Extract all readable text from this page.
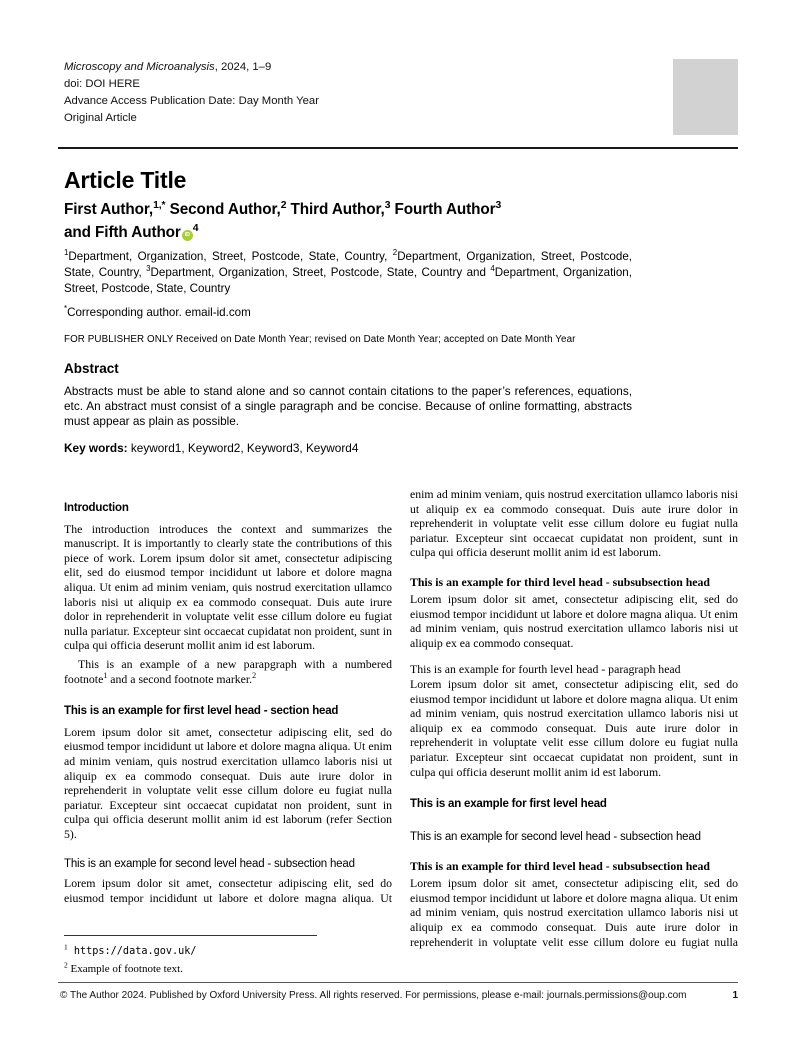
Microscopy and Microanalysis, 2024, 1–9
doi: DOI HERE
Advance Access Publication Date: Day Month Year
Original Article
Article Title
First Author,$^{1,*}$ Second Author,$^2$ Third Author,$^3$ Fourth Author$^3$
and Fifth Author $iD^4$
$^1$Department, Organization, Street, Postcode, State, Country, $^2$Department, Organization, Street, Postcode, State, Country, $^3$Department, Organization, Street, Postcode, State, Country and $^4$Department, Organization, Street, Postcode, State, Country
*Corresponding author. email-id.com
FOR PUBLISHER ONLY Received on Date Month Year; revised on Date Month Year; accepted on Date Month Year
Abstract
Abstracts must be able to stand alone and so cannot contain citations to the paper’s references, equations, etc. An abstract must consist of a single paragraph and be concise. Because of online formatting, abstracts must appear as plain as possible.
Key words: keyword1, Keyword2, Keyword3, Keyword4
Introduction
The introduction introduces the context and summarizes the manuscript. It is importantly to clearly state the contributions of this piece of work. Lorem ipsum dolor sit amet, consectetur adipiscing elit, sed do eiusmod tempor incididunt ut labore et dolore magna aliqua. Ut enim ad minim veniam, quis nostrud exercitation ullamco laboris nisi ut aliquip ex ea commodo consequat. Duis aute irure dolor in reprehenderit in voluptate velit esse cillum dolore eu fugiat nulla pariatur. Excepteur sint occaecat cupidatat non proident, sunt in culpa qui officia deserunt mollit anim id est laborum.
This is an example of a new parapgraph with a numbered footnote$^1$ and a second footnote marker.$^2$
This is an example for first level head - section head
Lorem ipsum dolor sit amet, consectetur adipiscing elit, sed do eiusmod tempor incididunt ut labore et dolore magna aliqua. Ut enim ad minim veniam, quis nostrud exercitation ullamco laboris nisi ut aliquip ex ea commodo consequat. Duis aute irure dolor in reprehenderit in voluptate velit esse cillum dolore eu fugiat nulla pariatur. Excepteur sint occaecat cupidatat non proident, sunt in culpa qui officia deserunt mollit anim id est laborum (refer Section 5).
This is an example for second level head - subsection head
Lorem ipsum dolor sit amet, consectetur adipiscing elit, sed do eiusmod tempor incididunt ut labore et dolore magna aliqua. Ut
$^1$ https://data.gov.uk/
$^2$ Example of footnote text.
enim ad minim veniam, quis nostrud exercitation ullamco laboris nisi ut aliquip ex ea commodo consequat. Duis aute irure dolor in reprehenderit in voluptate velit esse cillum dolore eu fugiat nulla pariatur. Excepteur sint occaecat cupidatat non proident, sunt in culpa qui officia deserunt mollit anim id est laborum.
This is an example for third level head - subsubsection head
Lorem ipsum dolor sit amet, consectetur adipiscing elit, sed do eiusmod tempor incididunt ut labore et dolore magna aliqua. Ut enim ad minim veniam, quis nostrud exercitation ullamco laboris nisi ut aliquip ex ea commodo consequat.
This is an example for fourth level head - paragraph head
Lorem ipsum dolor sit amet, consectetur adipiscing elit, sed do eiusmod tempor incididunt ut labore et dolore magna aliqua. Ut enim ad minim veniam, quis nostrud exercitation ullamco laboris nisi ut aliquip ex ea commodo consequat. Duis aute irure dolor in reprehenderit in voluptate velit esse cillum dolore eu fugiat nulla pariatur. Excepteur sint occaecat cupidatat non proident, sunt in culpa qui officia deserunt mollit anim id est laborum.
This is an example for first level head
This is an example for second level head - subsection head
This is an example for third level head - subsubsection head
Lorem ipsum dolor sit amet, consectetur adipiscing elit, sed do eiusmod tempor incididunt ut labore et dolore magna aliqua. Ut enim ad minim veniam, quis nostrud exercitation ullamco laboris nisi ut aliquip ex ea commodo consequat. Duis aute irure dolor in reprehenderit in voluptate velit esse cillum dolore eu fugiat nulla
© The Author 2024. Published by Oxford University Press. All rights reserved. For permissions, please e-mail: journals.permissions@oup.com	1
